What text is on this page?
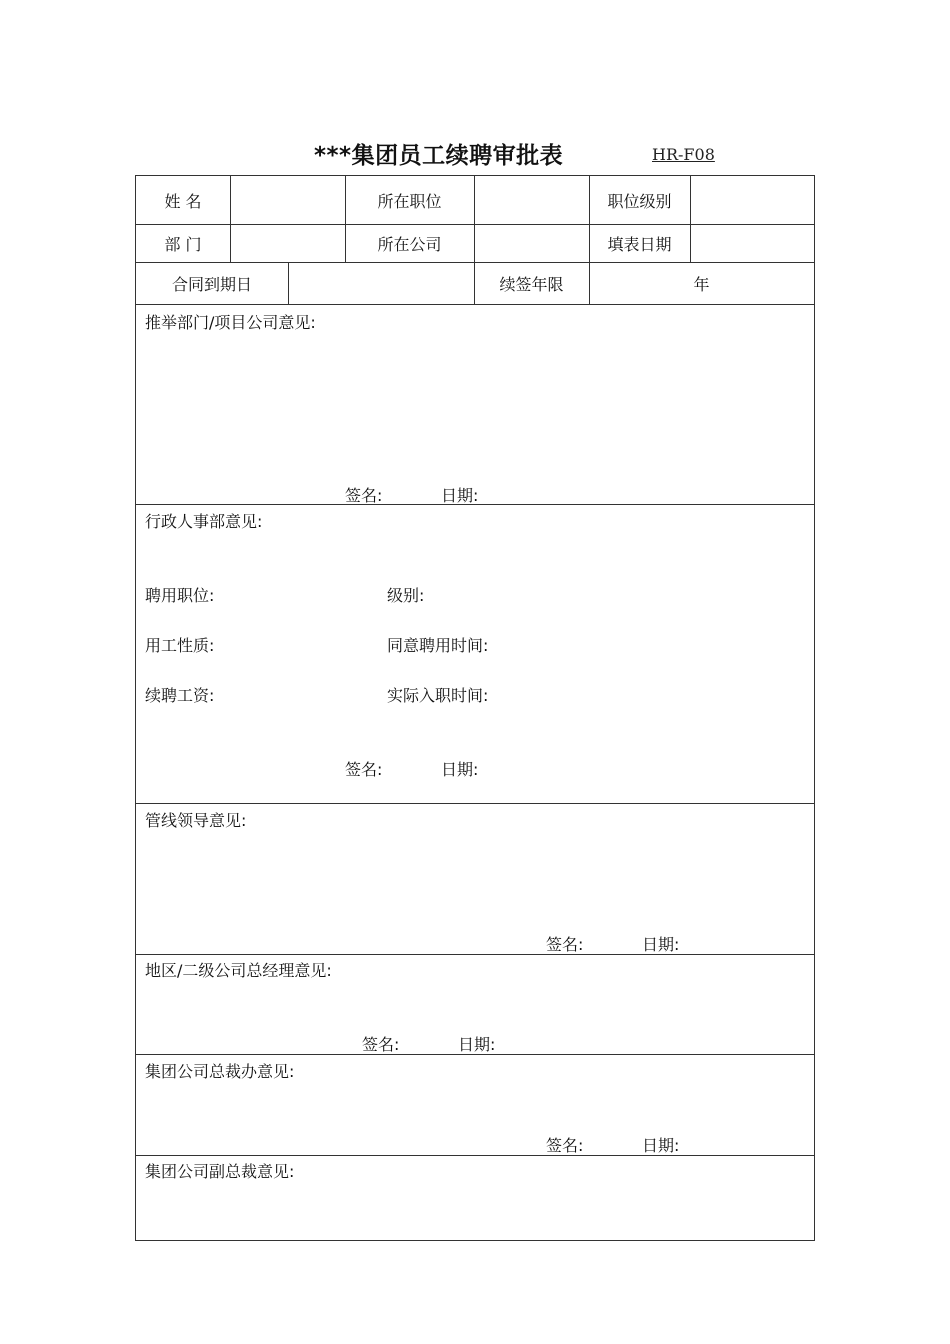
***集团员工续聘审批表	HR-F08
姓 名	所在职位	职位级别
部 门	所在公司	填表日期
合同到期日	续签年限	年
推举部门/项目公司意见:
签名:	日期:
行政人事部意见:
聘用职位:	级别:
用工性质:	同意聘用时间:
续聘工资:	实际入职时间:
签名:	日期:
管线领导意见:
签名:	日期:
地区/二级公司总经理意见:
签名:	日期:
集团公司总裁办意见:
签名:	日期:
集团公司副总裁意见:
